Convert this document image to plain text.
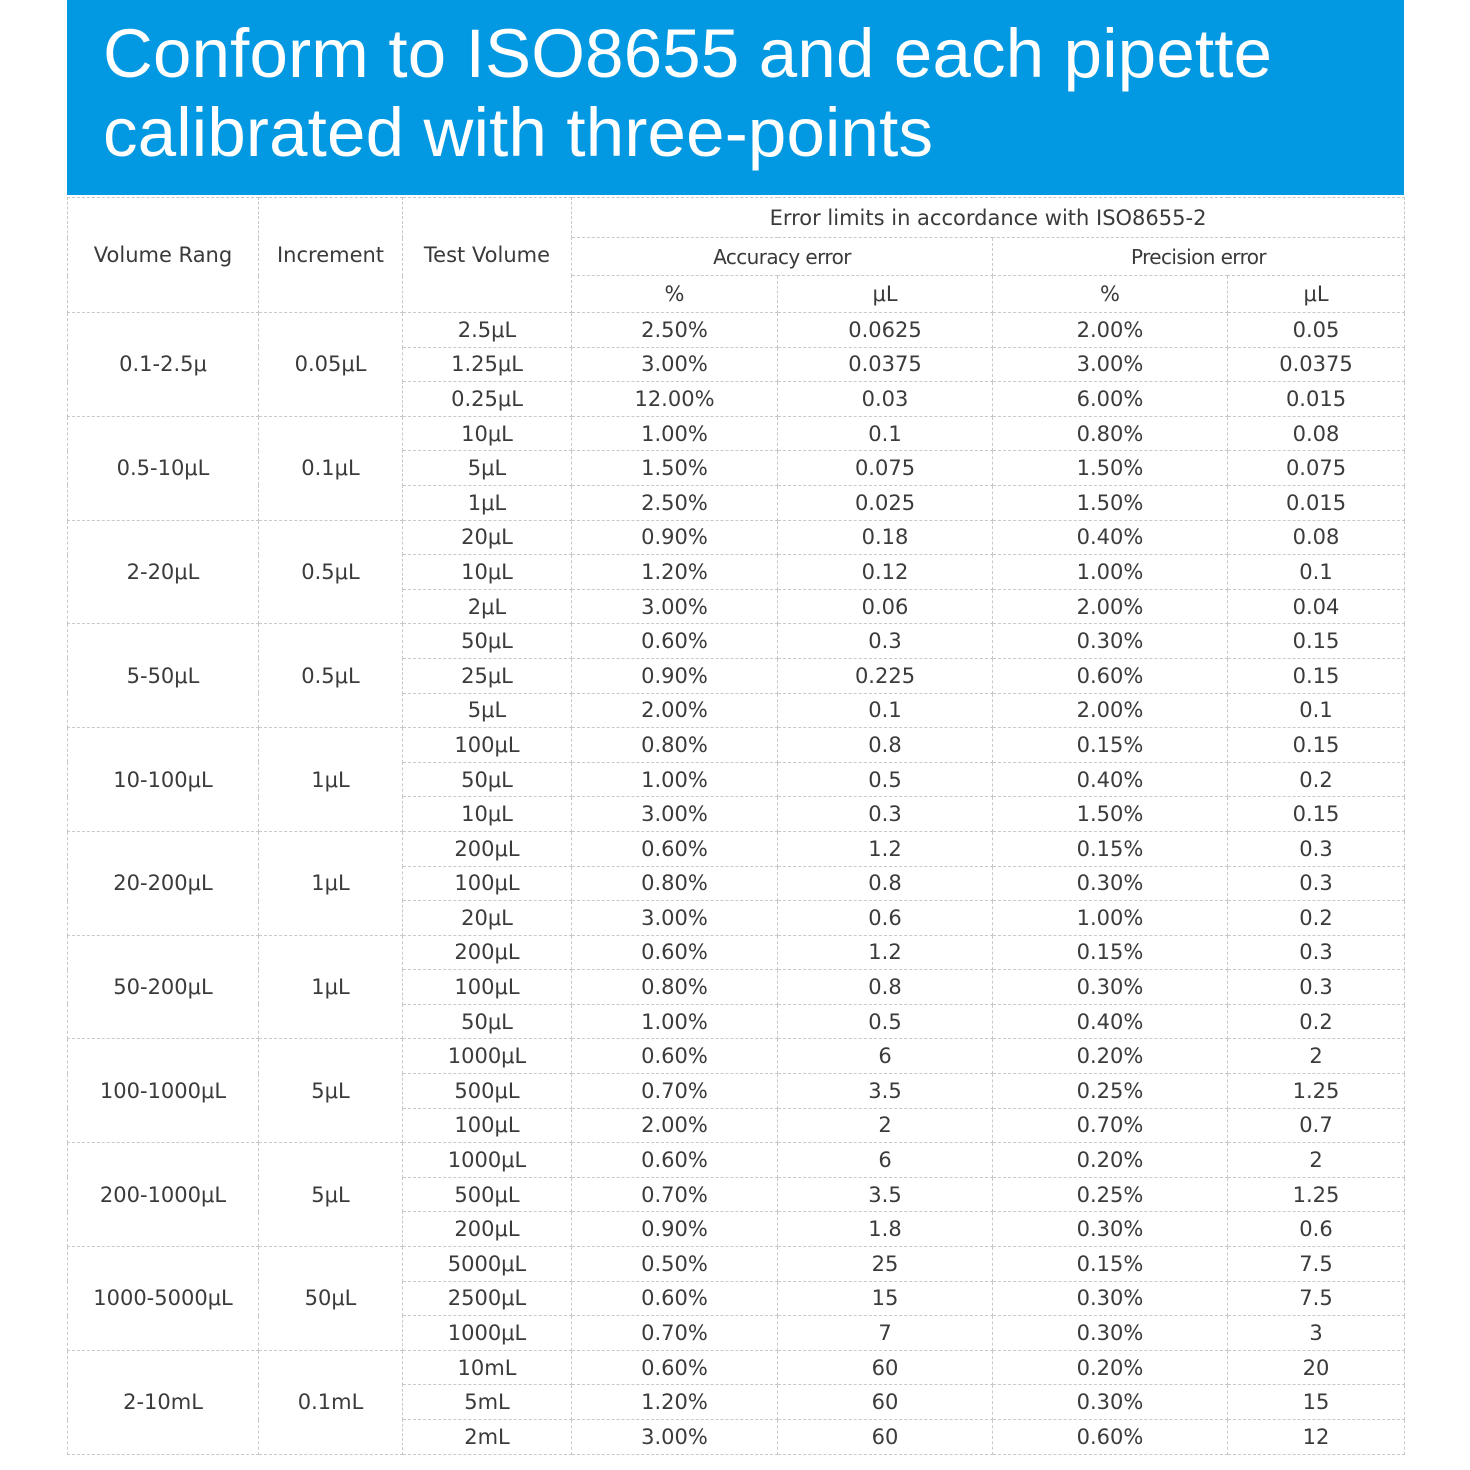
Conform to ISO8655 and each pipette calibrated with three-points
Volume Rang	Increment	Test Volume	Error limits in accordance with ISO8655-2			
			Accuracy error		Precision error	
			%	μL	%	μL
0.1-2.5μ	0.05μL	2.5μL	2.50%	0.0625	2.00%	0.05
		1.25μL	3.00%	0.0375	3.00%	0.0375
		0.25μL	12.00%	0.03	6.00%	0.015
0.5-10μL	0.1μL	10μL	1.00%	0.1	0.80%	0.08
		5μL	1.50%	0.075	1.50%	0.075
		1μL	2.50%	0.025	1.50%	0.015
2-20μL	0.5μL	20μL	0.90%	0.18	0.40%	0.08
		10μL	1.20%	0.12	1.00%	0.1
		2μL	3.00%	0.06	2.00%	0.04
5-50μL	0.5μL	50μL	0.60%	0.3	0.30%	0.15
		25μL	0.90%	0.225	0.60%	0.15
		5μL	2.00%	0.1	2.00%	0.1
10-100μL	1μL	100μL	0.80%	0.8	0.15%	0.15
		50μL	1.00%	0.5	0.40%	0.2
		10μL	3.00%	0.3	1.50%	0.15
20-200μL	1μL	200μL	0.60%	1.2	0.15%	0.3
		100μL	0.80%	0.8	0.30%	0.3
		20μL	3.00%	0.6	1.00%	0.2
50-200μL	1μL	200μL	0.60%	1.2	0.15%	0.3
		100μL	0.80%	0.8	0.30%	0.3
		50μL	1.00%	0.5	0.40%	0.2
100-1000μL	5μL	1000μL	0.60%	6	0.20%	2
		500μL	0.70%	3.5	0.25%	1.25
		100μL	2.00%	2	0.70%	0.7
200-1000μL	5μL	1000μL	0.60%	6	0.20%	2
		500μL	0.70%	3.5	0.25%	1.25
		200μL	0.90%	1.8	0.30%	0.6
1000-5000μL	50μL	5000μL	0.50%	25	0.15%	7.5
		2500μL	0.60%	15	0.30%	7.5
		1000μL	0.70%	7	0.30%	3
2-10mL	0.1mL	10mL	0.60%	60	0.20%	20
		5mL	1.20%	60	0.30%	15
		2mL	3.00%	60	0.60%	12
